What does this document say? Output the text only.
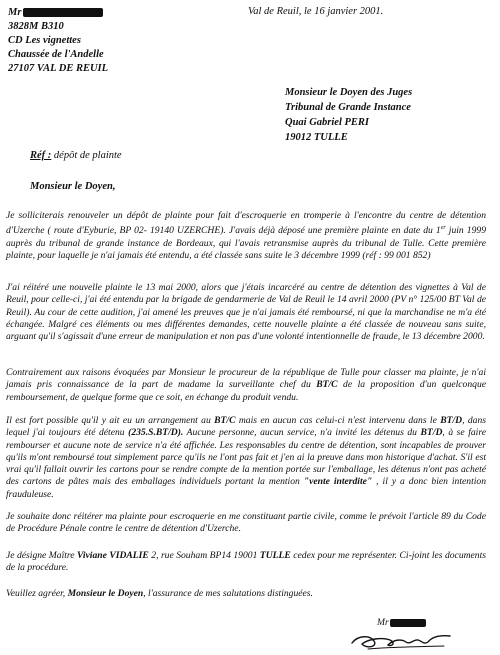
Mr
3828M B310
CD Les vignettes
Chaussée de l'Andelle
27107 VAL DE REUIL
Val de Reuil, le 16 janvier 2001.
Monsieur le Doyen des Juges
Tribunal de Grande Instance
Quai Gabriel PERI
19012 TULLE
Réf : dépôt de plainte
Monsieur le Doyen,

Je solliciterais renouveler un dépôt de plainte pour fait d'escroquerie en tromperie à l'encontre du centre de détention d'Uzerche ( route d'Eyburie, BP 02- 19140 UZERCHE). J'avais déjà déposé une première plainte en date du 1er juin 1999 auprès du tribunal de grande instance de Bordeaux, qui l'avais retransmise auprès du tribunal de Tulle. Cette première plainte, pour laquelle je n'ai jamais été entendu, a été classée sans suite le 3 décembre 1999 (réf : 99 001 852)

J'ai réitéré une nouvelle plainte le 13 mai 2000, alors que j'étais incarcéré au centre de détention des vignettes à Val de Reuil, pour celle-ci, j'ai été entendu par la brigade de gendarmerie de Val de Reuil le 14 avril 2000 (PV n° 125/00 BT Val de Reuil). Au cour de cette audition, j'ai amené les preuves que je n'ai jamais été remboursé, ni que la marchandise ne m'a été échangée. Malgré ces éléments ou mes différentes demandes, cette nouvelle plainte a été classée de nouveau sans suite, arguant qu'il s'agissait d'une erreur de manipulation et non pas d'une volonté intentionnelle de fraude, le 13 décembre 2000.

Contrairement aux raisons évoquées par Monsieur le procureur de la république de Tulle pour classer ma plainte, je n'ai jamais pris connaissance de la part de madame la surveillante chef du BT/C de la proposition d'un quelconque remboursement, de quelque forme que ce soit, en échange du produit vendu.

Il est fort possible qu'il y ait eu un arrangement au BT/C mais en aucun cas celui-ci n'est intervenu dans le BT/D, dans lequel j'ai toujours été détenu (235.S.BT/D). Aucune personne, aucun service, n'a invité les détenus du BT/D, à se faire rembourser et aucune note de service n'a été affichée. Les responsables du centre de détention, sont incapables de prouver qu'ils m'ont remboursé tout simplement parce qu'ils ne l'ont pas fait et j'en ai la preuve dans mon historique d'achat. S'il est vrai qu'il fallait ouvrir les cartons pour se rendre compte de la mention portée sur l'emballage, les détenus n'ont pas acheté des cartons de pâtes mais des emballages individuels portant la mention "vente interdite" , il y a donc bien intention frauduleuse.

Je souhaite donc réitérer ma plainte pour escroquerie en me constituant partie civile, comme le prévoit l'article 89 du Code de Procédure Pénale contre le centre de détention d'Uzerche.

Je désigne Maître Viviane VIDALIE 2, rue Souham BP14 19001 TULLE cedex pour me représenter. Ci-joint les documents de la procédure.

Veuillez agréer, Monsieur le Doyen, l'assurance de mes salutations distinguées.

Mr
